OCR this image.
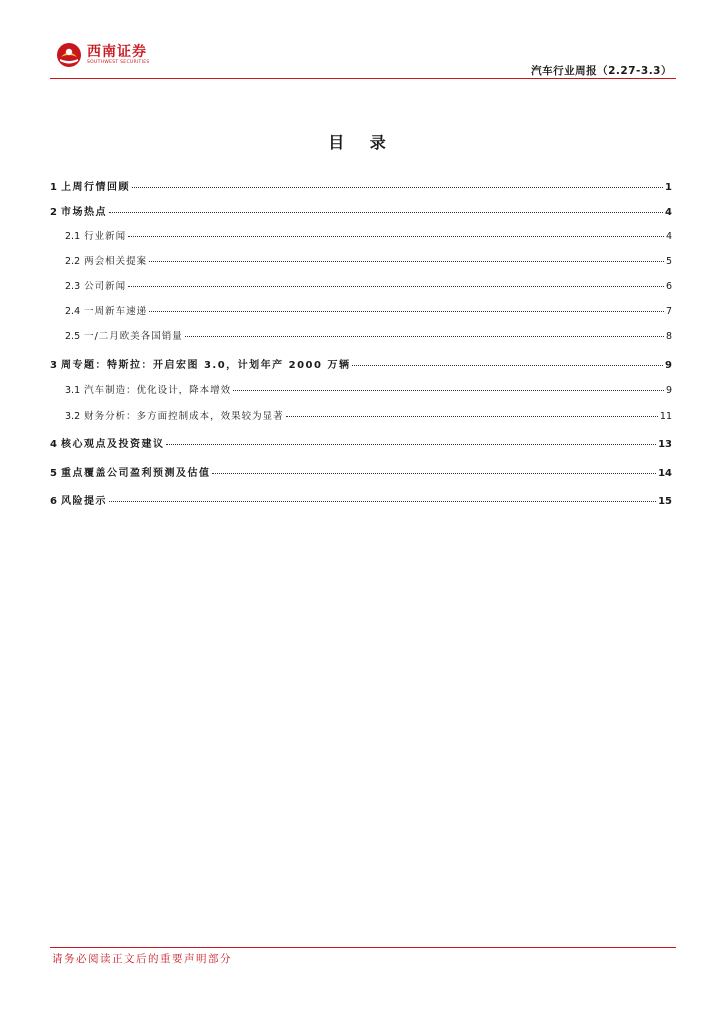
西南证券
SOUTHWEST SECURITIES
汽车行业周报（2.27-3.3）
目 录
1 上周行情回顾	1
2 市场热点	4
2.1 行业新闻	4
2.2 两会相关提案	5
2.3 公司新闻	6
2.4 一周新车速递	7
2.5 一/二月欧美各国销量	8
3 周专题：特斯拉：开启宏图 3.0，计划年产 2000 万辆	9
3.1 汽车制造：优化设计，降本增效	9
3.2 财务分析：多方面控制成本，效果较为显著	11
4 核心观点及投资建议	13
5 重点覆盖公司盈利预测及估值	14
6 风险提示	15
请务必阅读正文后的重要声明部分
